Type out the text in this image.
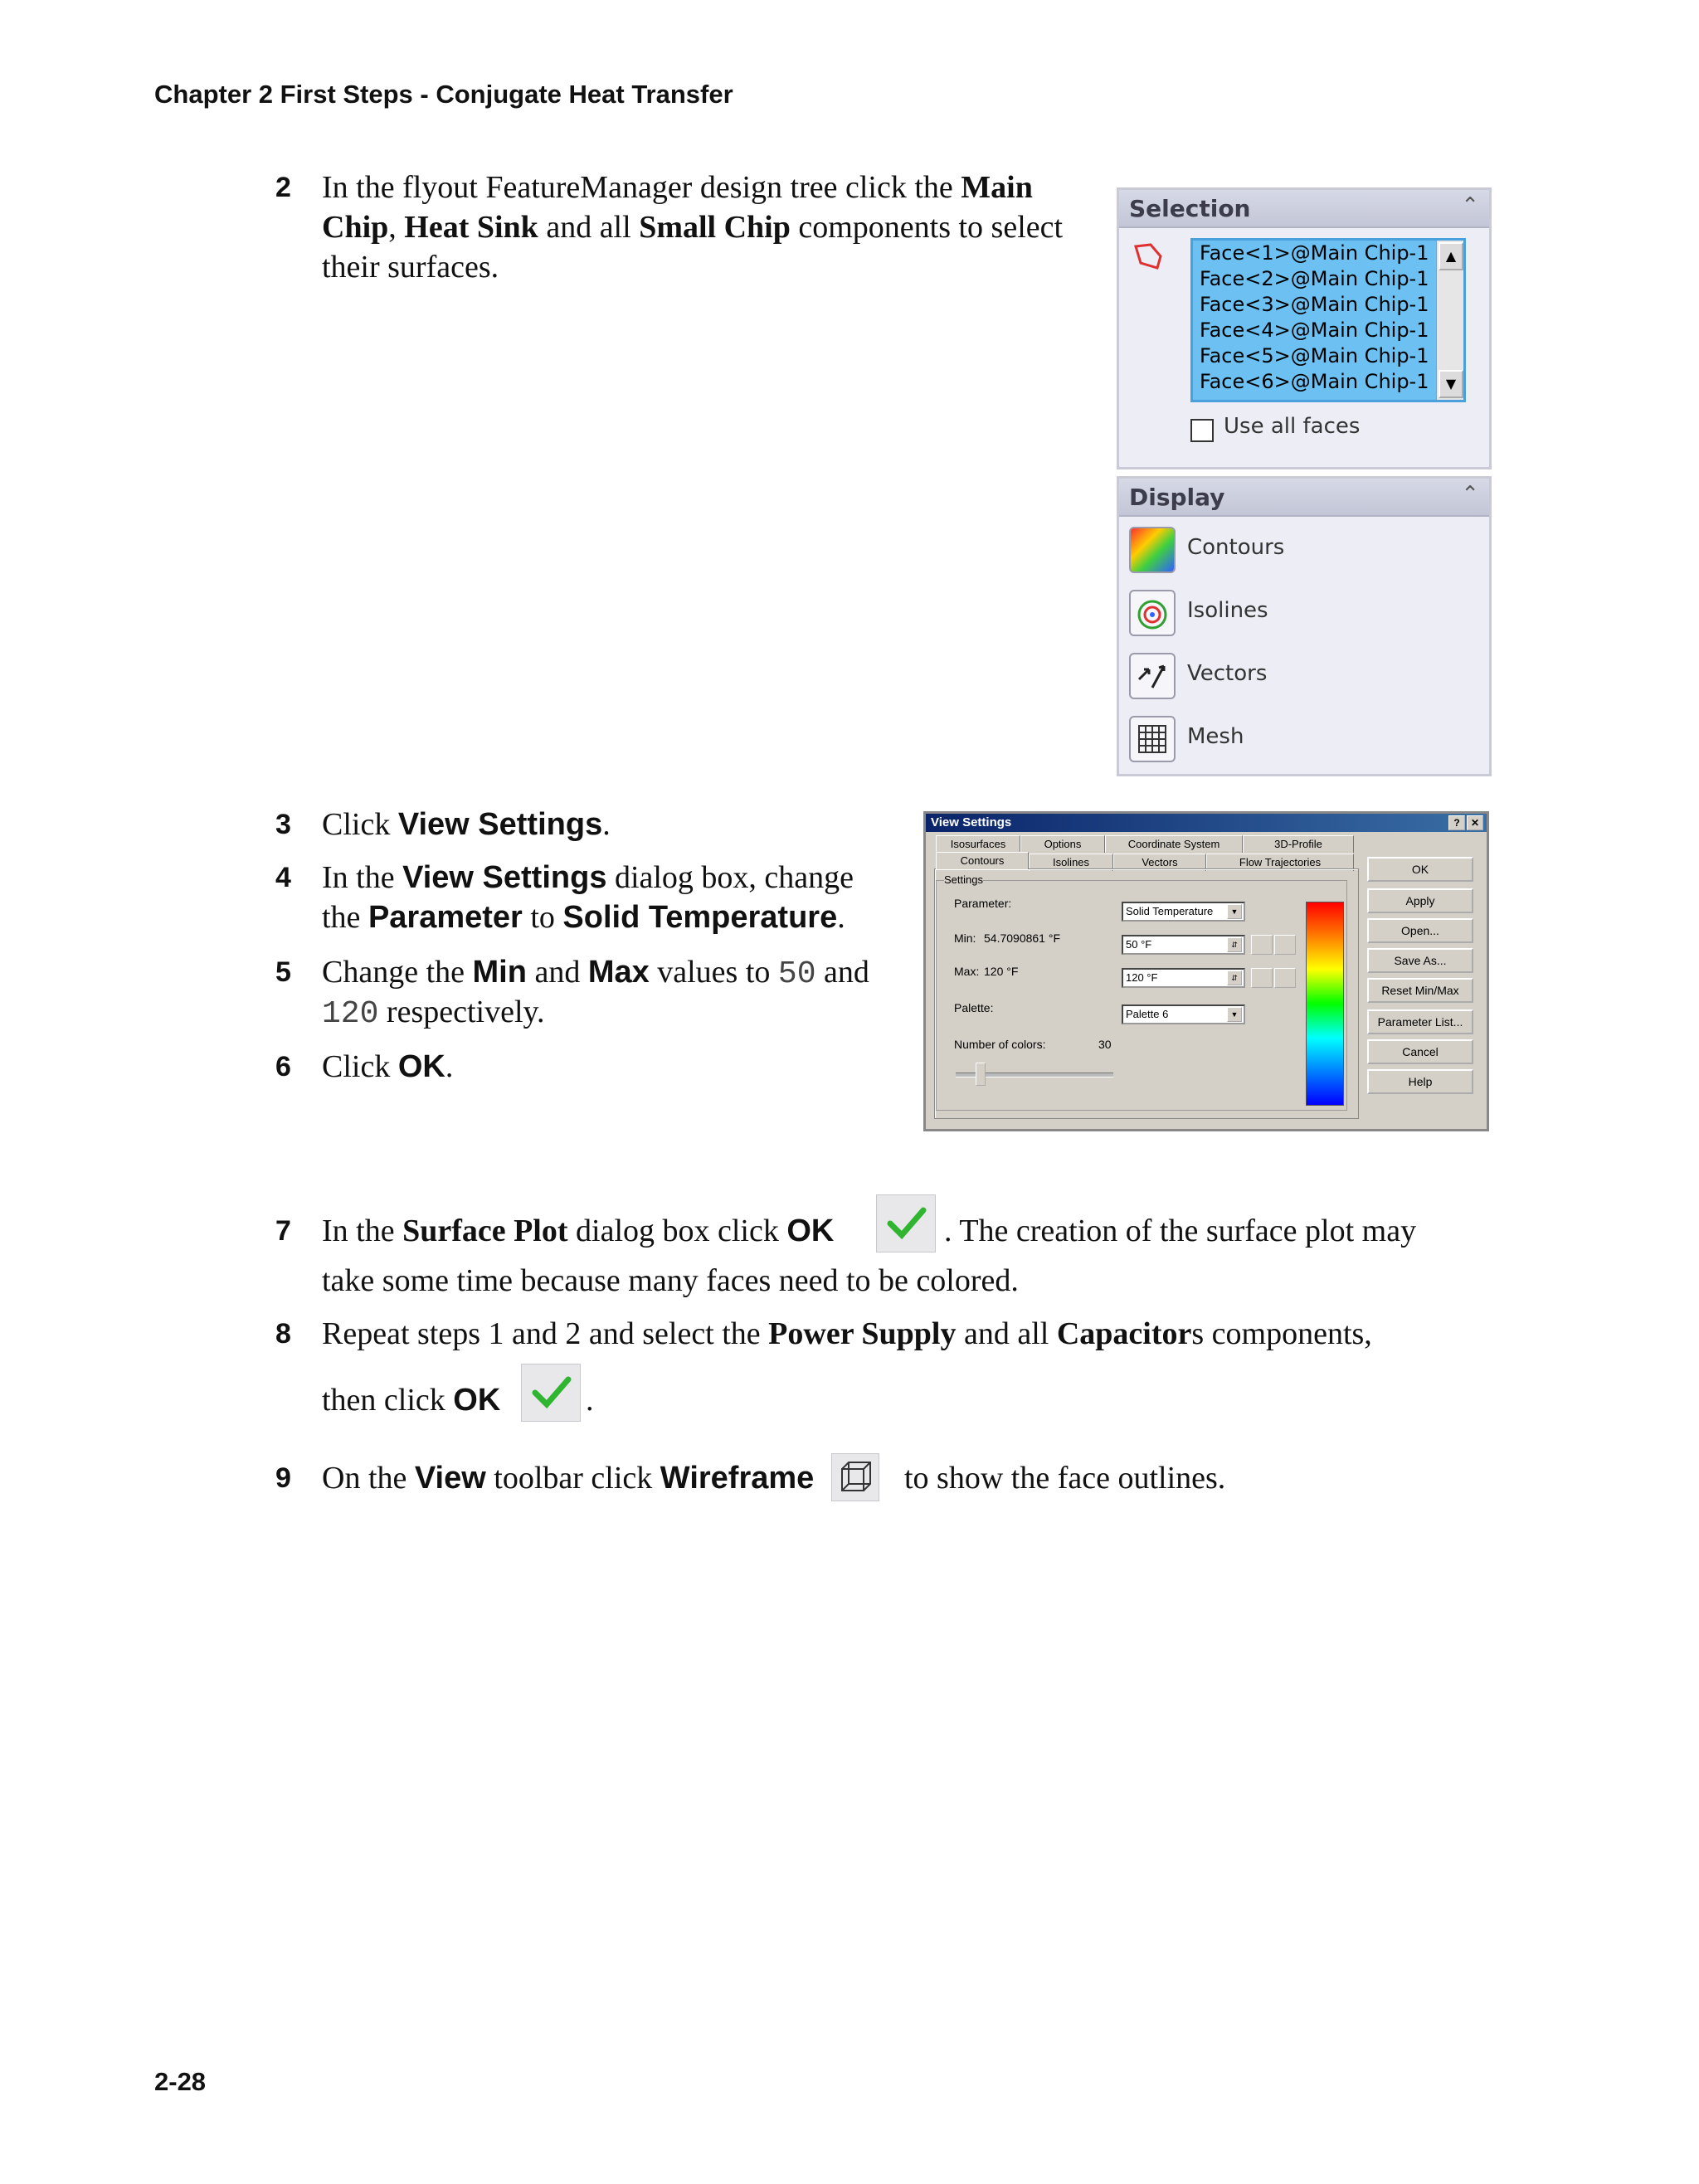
Chapter 2 First Steps - Conjugate Heat Transfer
2 In the flyout FeatureManager design tree click the Main
Chip, Heat Sink and all Small Chip components to select
their surfaces.
Selection	⌃
Face<1>@Main Chip-1
Face<2>@Main Chip-1
Face<3>@Main Chip-1
Face<4>@Main Chip-1
Face<5>@Main Chip-1
Face<6>@Main Chip-1
▲
▼
Use all faces
Display	⌃
Contours
Isolines
Vectors
Mesh
3 Click View Settings.
4 In the View Settings dialog box, change
the Parameter to Solid Temperature.
5 Change the Min and Max values to 50 and
120 respectively.
6 Click OK.
View Settings	?	✕
Isosurfaces	Options	Coordinate System	3D-Profile
Contours	Isolines	Vectors	Flow Trajectories
Settings
Parameter:
Solid Temperature	▼
Min: 54.7090861 °F	50 °F	⇵
Max: 120 °F	120 °F	⇵
Palette:	Palette 6	▼
Number of colors:	30
OK
Apply
Open...
Save As...
Reset Min/Max
Parameter List...
Cancel
Help
7 In the Surface Plot dialog box click OK	. The creation of the surface plot may
take some time because many faces need to be colored.
8 Repeat steps 1 and 2 and select the Power Supply and all Capacitors components,
then click OK	.
9 On the View toolbar click Wireframe	to show the face outlines.
2-28
